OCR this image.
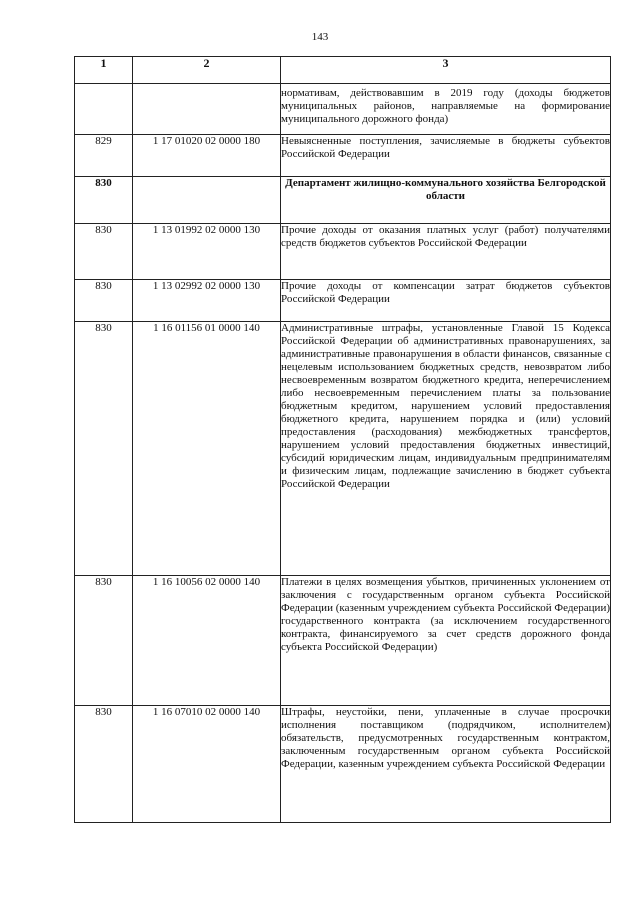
143
1	2	3
		нормативам, действовавшим в 2019 году (доходы бюджетов муниципальных районов, направляемые на формирование муниципального дорожного фонда)
829	1 17 01020 02 0000 180	Невыясненные поступления, зачисляемые в бюджеты субъектов Российской Федерации
830		Департамент жилищно-коммунального хозяйства Белгородской области
830	1 13 01992 02 0000 130	Прочие доходы от оказания платных услуг (работ) получателями средств бюджетов субъектов Российской Федерации
830	1 13 02992 02 0000 130	Прочие доходы от компенсации затрат бюджетов субъектов Российской Федерации
830	1 16 01156 01 0000 140	Административные штрафы, установленные Главой 15 Кодекса Российской Федерации об административных правонарушениях, за административные правонарушения в области финансов, связанные с нецелевым использованием бюджетных средств, невозвратом либо несвоевременным возвратом бюджетного кредита, неперечислением либо несвоевременным перечислением платы за пользование бюджетным кредитом, нарушением условий предоставления бюджетного кредита, нарушением порядка и (или) условий предоставления (расходования) межбюджетных трансфертов, нарушением условий предоставления бюджетных инвестиций, субсидий юридическим лицам, индивидуальным предпринимателям и физическим лицам, подлежащие зачислению в бюджет субъекта Российской Федерации
830	1 16 10056 02 0000 140	Платежи в целях возмещения убытков, причиненных уклонением от заключения с государственным органом субъекта Российской Федерации (казенным учреждением субъекта Российской Федерации) государственного контракта (за исключением государственного контракта, финансируемого за счет средств дорожного фонда субъекта Российской Федерации)
830	1 16 07010 02 0000 140	Штрафы, неустойки, пени, уплаченные в случае просрочки исполнения поставщиком (подрядчиком, исполнителем) обязательств, предусмотренных государственным контрактом, заключенным государственным органом субъекта Российской Федерации, казенным учреждением субъекта Российской Федерации
